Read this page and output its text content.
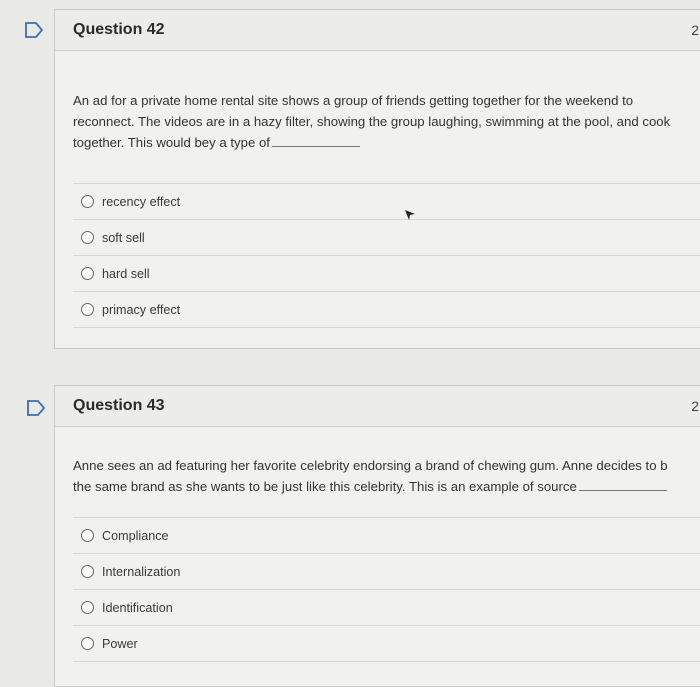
Question 42	2
An ad for a private home rental site shows a group of friends getting together for the weekend to
reconnect. The videos are in a hazy filter, showing the group laughing, swimming at the pool, and cook
together. This would bey a type of
recency effect
soft sell
hard sell
primacy effect
Question 43	2
Anne sees an ad featuring her favorite celebrity endorsing a brand of chewing gum. Anne decides to b
the same brand as she wants to be just like this celebrity. This is an example of source
Compliance
Internalization
Identification
Power
